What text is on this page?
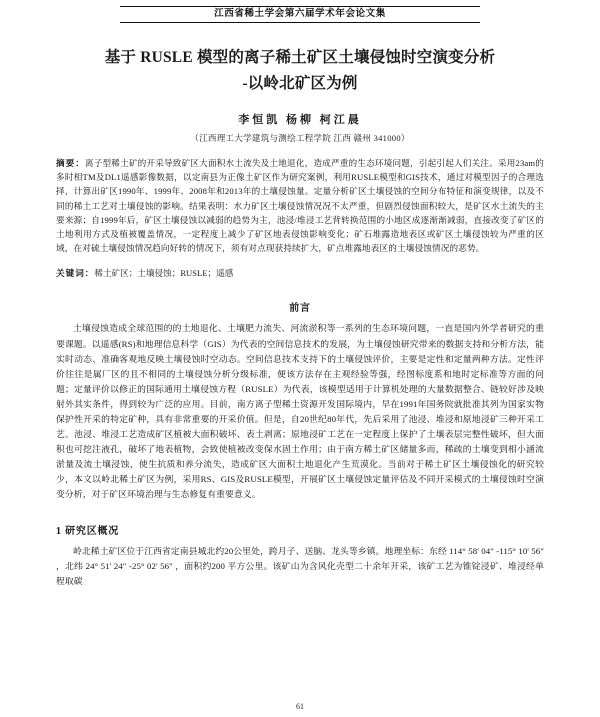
江西省稀土学会第六届学术年会论文集
基于 RUSLE 模型的离子稀土矿区土壤侵蚀时空演变分析
-以岭北矿区为例
李恒凯 杨柳 柯江晨
（江西理工大学建筑与测绘工程学院 江西 赣州 341000）

摘要：离子型稀土矿的开采导致矿区大面积水土流失及土地退化，造成严重的生态环境问题，引起引起人们关注。采用23am的多时相TM及DL1遥感影像数据，以定南县为正像土矿区作为研究案例，利用RUSLE模型和GIS技术，通过对模型因子的合理选择，计算出矿区1990年、1999年、2008年和2013年的土壤侵蚀量。定量分析矿区土壤侵蚀的空间分布特征和演变规律，以及不同的稀土工艺对土壤侵蚀的影响。结果表明：水力矿区土壤侵蚀情况况不太严重，但剧烈侵蚀面积较大，是矿区水土流失的主要来源；自1999年后，矿区土壤侵蚀以减弱的趋势为主，池浸/堆浸工艺背转换范围的小地区成逐渐渐减弱，直接改变了矿区的土地利用方式及植被覆盖情况，一定程度上减少了矿区地表侵蚀影响变化；矿石堆露造地表区或矿区土壤侵蚀较为严重的区域，在对硫土壤侵蚀情况趋向好转的情况下，须有对点现获持续扩大，矿点堆露地表区的土壤侵蚀情况的恶势。

关键词：稀土矿区；土壤侵蚀；RUSLE；遥感
前言

土壤侵蚀造成全球范围的的土地退化、土壤肥力流失、河流淤积等一系列的生态环境问题，一直是国内外学者研究的重要课题。以遥感(RS)和地理信息科学（GIS）为代表的空间信息技术的发展，为土壤侵蚀研究带来的数据支持和分析方法，能实时动态、准确客观地反映土壤侵蚀时空动态。空间信息技术支持下的土壤侵蚀评价，主要是定性和定量两种方法。定性评价往往是属厂区的且不相同的土壤侵蚀分析分级标准，便该方法存在主观经验等强，经图标度系和地时定标准等方面的问题；定量评价以修正的国际通用土壤侵蚀方程（RUSLE）为代表，该模型适用于计算机处理的大量数据整合、链较好涉及映射外其实条件，得到较为广泛的应用。目前，南方离子型稀土资源开发国际境内，早在1991年国务院就批准其列为国家实物保护性开采的特定矿种，具有非常重要的开采价值。但是，自20世纪80年代，先后采用了池浸、堆浸和原地浸矿三种开采工艺。池浸、堆浸工艺造成矿区植被大面积破坏、表土剥离；原地浸矿工艺在一定程度上保护了土壤表层完整性破坏，但大面积也可挖注液孔，破坏了地表植物，会致使植被改变保水固土作用；由于南方稀土矿区储量多而，稀疏的土壤变到相小涵流淤量及流土壤浸蚀，使生抗质和养分流失，造成矿区大面积土地退化产生荒漠化。当前对于稀土矿区土壤侵蚀化的研究较少，本文以岭北稀土矿区为例，采用RS、GIS及RUSLE模型，开展矿区土壤侵蚀定量评估及不同开采模式的土壤侵蚀时空演变分析，对于矿区环境治理与生态修复有重要意义。

1 研究区概况

岭北稀土矿区位于江西省定南县城北约20公里处，跨月子、送脑、龙头等乡镇。地理坐标：东经 114° 58' 04" -115° 10' 56" ，北纬 24° 51' 24" -25° 02' 56" ，面积约200 平方公里。该矿山为含风化壳型二十余年开采，该矿工艺为锥锭浸矿、堆浸经单程取碳

61
